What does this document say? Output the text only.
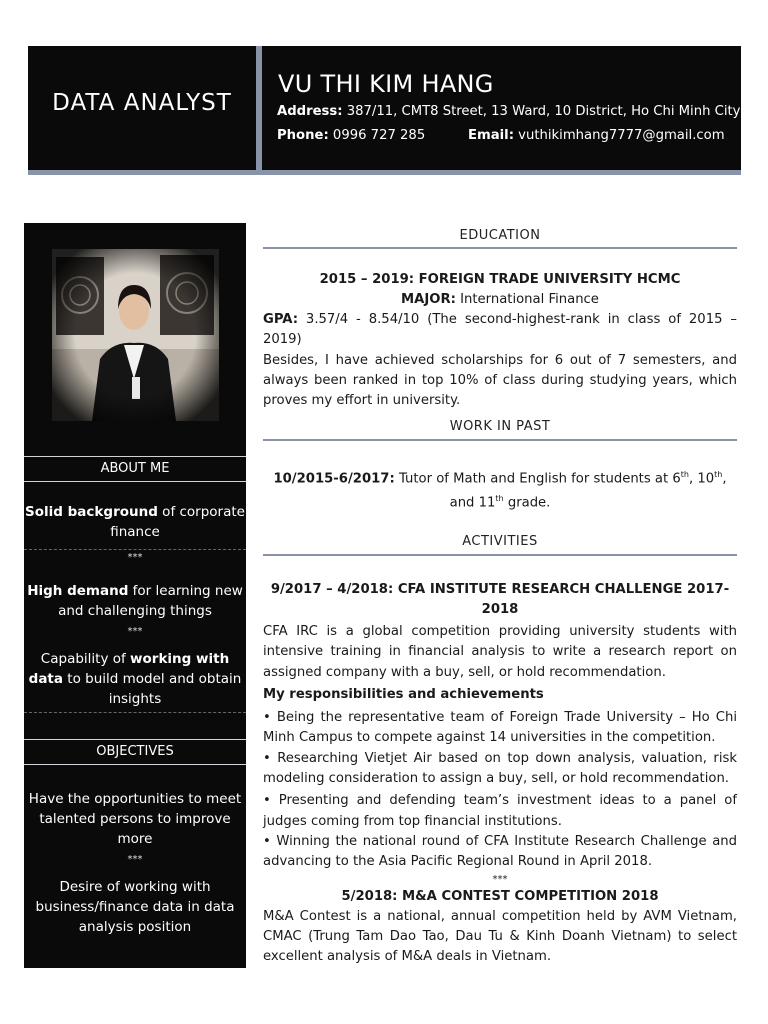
DATA ANALYST
VU THI KIM HANG
Address: 387/11, CMT8 Street, 13 Ward, 10 District, Ho Chi Minh City
Phone: 0996 727 285	Email: vuthikimhang7777@gmail.com
ABOUT ME
Solid background of corporate finance
***
High demand for learning new and challenging things
***
Capability of working with data to build model and obtain insights
OBJECTIVES
Have the opportunities to meet talented persons to improve more
***
Desire of working with business/finance data in data analysis position
EDUCATION
2015 – 2019: FOREIGN TRADE UNIVERSITY HCMC
MAJOR: International Finance
GPA: 3.57/4 - 8.54/10 (The second-highest-rank in class of 2015 – 2019)
Besides, I have achieved scholarships for 6 out of 7 semesters, and always been ranked in top 10% of class during studying years, which proves my effort in university.
WORK IN PAST
10/2015-6/2017: Tutor of Math and English for students at 6th, 10th, and 11th grade.
ACTIVITIES
9/2017 – 4/2018: CFA INSTITUTE RESEARCH CHALLENGE 2017-2018
CFA IRC is a global competition providing university students with intensive training in financial analysis to write a research report on assigned company with a buy, sell, or hold recommendation.
My responsibilities and achievements
• Being the representative team of Foreign Trade University – Ho Chi Minh Campus to compete against 14 universities in the competition.
• Researching Vietjet Air based on top down analysis, valuation, risk modeling consideration to assign a buy, sell, or hold recommendation.
• Presenting and defending team’s investment ideas to a panel of judges coming from top financial institutions.
• Winning the national round of CFA Institute Research Challenge and advancing to the Asia Pacific Regional Round in April 2018.
***
5/2018: M&A CONTEST COMPETITION 2018
M&A Contest is a national, annual competition held by AVM Vietnam, CMAC (Trung Tam Dao Tao, Dau Tu & Kinh Doanh Vietnam) to select excellent analysis of M&A deals in Vietnam.
